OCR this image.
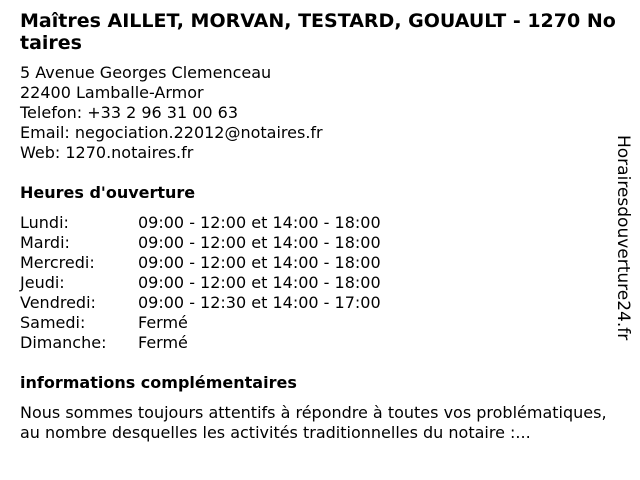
Maîtres AILLET, MORVAN, TESTARD, GOUAULT - 1270 Notaires
5 Avenue Georges Clemenceau
22400 Lamballe-Armor
Telefon: +33 2 96 31 00 63
Email: negociation.22012@notaires.fr
Web: 1270.notaires.fr
Heures d'ouverture
Lundi:	09:00 - 12:00 et 14:00 - 18:00
Mardi:	09:00 - 12:00 et 14:00 - 18:00
Mercredi:	09:00 - 12:00 et 14:00 - 18:00
Jeudi:	09:00 - 12:00 et 14:00 - 18:00
Vendredi:	09:00 - 12:30 et 14:00 - 17:00
Samedi:	Fermé
Dimanche: Fermé
informations complémentaires
Nous sommes toujours attentifs à répondre à toutes vos problématiques, au nombre desquelles les activités traditionnelles du notaire :...
Horairesdouverture24.fr
